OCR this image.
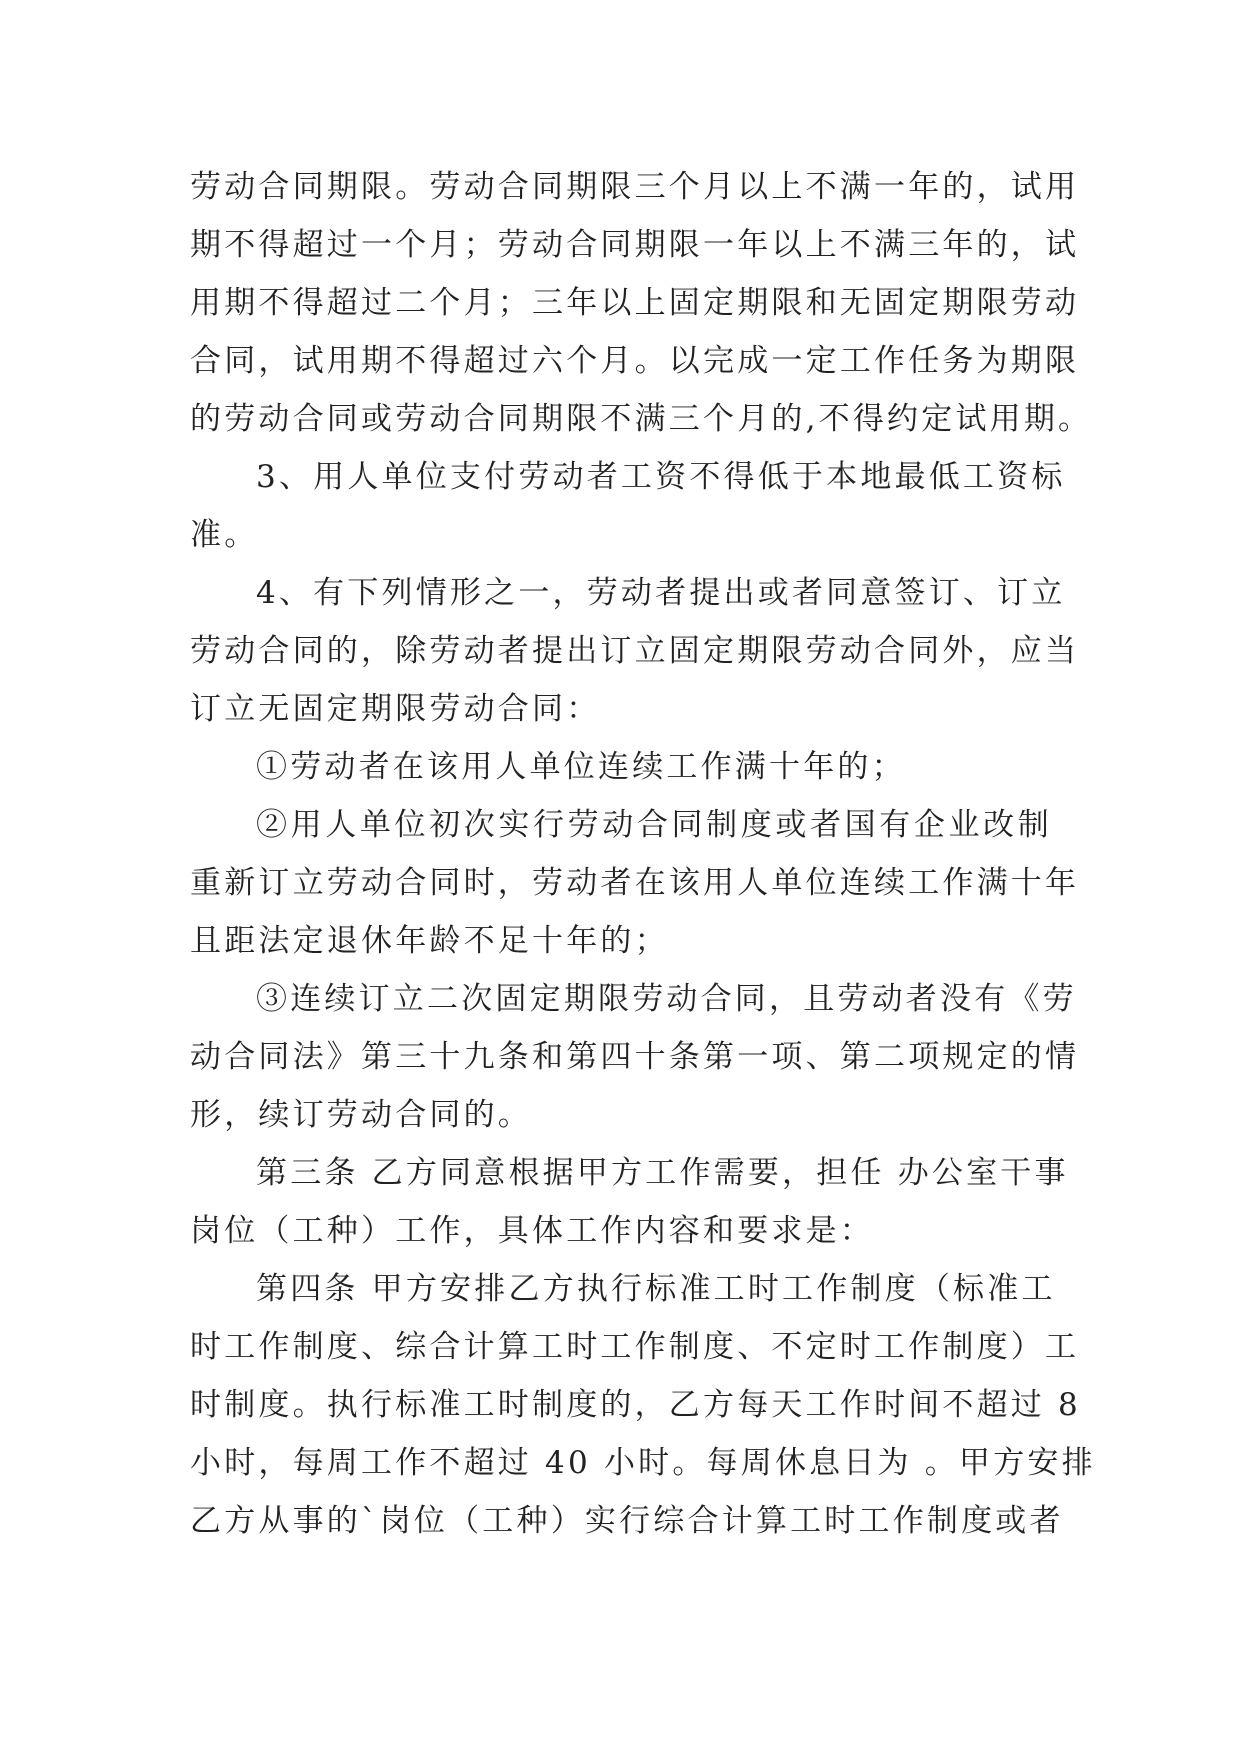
劳动合同期限。劳动合同期限三个月以上不满一年的，试用
期不得超过一个月；劳动合同期限一年以上不满三年的，试
用期不得超过二个月；三年以上固定期限和无固定期限劳动
合同，试用期不得超过六个月。以完成一定工作任务为期限
的劳动合同或劳动合同期限不满三个月的,不得约定试用期。
3、用人单位支付劳动者工资不得低于本地最低工资标
准。
4、有下列情形之一，劳动者提出或者同意签订、订立
劳动合同的，除劳动者提出订立固定期限劳动合同外，应当
订立无固定期限劳动合同：
①劳动者在该用人单位连续工作满十年的；
②用人单位初次实行劳动合同制度或者国有企业改制
重新订立劳动合同时，劳动者在该用人单位连续工作满十年
且距法定退休年龄不足十年的；
③连续订立二次固定期限劳动合同，且劳动者没有《劳
动合同法》第三十九条和第四十条第一项、第二项规定的情
形，续订劳动合同的。
第三条 乙方同意根据甲方工作需要，担任 办公室干事
岗位（工种）工作，具体工作内容和要求是：
第四条 甲方安排乙方执行标准工时工作制度（标准工
时工作制度、综合计算工时工作制度、不定时工作制度）工
时制度。执行标准工时制度的，乙方每天工作时间不超过 8
小时，每周工作不超过 40 小时。每周休息日为 。甲方安排
乙方从事的`岗位（工种）实行综合计算工时工作制度或者
